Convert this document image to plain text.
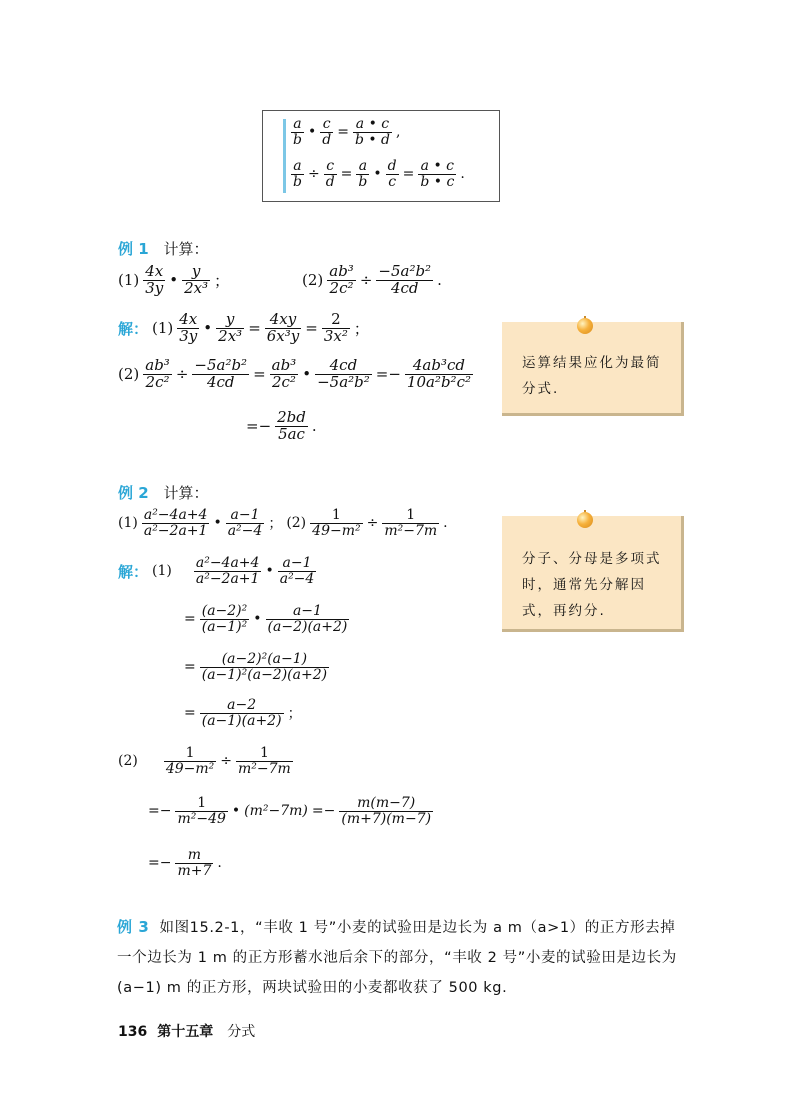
$\frac{a}{b}$ • $\frac{c}{d} = \frac{a • c}{b • d}$ ,
$\frac{a}{b} \div \frac{c}{d} = \frac{a}{b}$ • $\frac{d}{c} = \frac{a • c}{b • c}$ .
例 1 计算：
$(1) \frac{4x}{3y}$ • $\frac{y}{\text{2x³}}$ ；	$(2) \frac{\text{ab³}}{\text{2c²}} \div \frac{\text{−5a²b²}}{4cd}$ .
解： $(1) \frac{4x}{3y}$ • $\frac{y}{\text{2x³}} = \frac{4xy}{\text{6x³y}} = \frac{2}{\text{3x²}}$ ；
$(2) \frac{\text{ab³}}{\text{2c²}} \div \frac{\text{−5a²b²}}{4cd} = \frac{\text{ab³}}{\text{2c²}}$ • $\frac{4cd}{\text{−5a²b²}} =- \frac{\text{4ab³cd}}{\text{10a²b²c²}}$
=− $\frac{2bd}{5ac}$ .
运算结果应化为最简分式.
例 2 计算：
$(1) \frac{\text{a²−4a+4}}{\text{a²−2a+1}}$ • $\frac{a-1}{\text{a²−4}}$ ； $(2) \frac{1}{\text{49−m²}} \div \frac{1}{\text{m²−7m}}$ .
解： $(1) \frac{\text{a²−4a+4}}{\text{a²−2a+1}}$ • $\frac{a-1}{\text{a²−4}}$
= $\frac{\text{(a−2)²}}{\text{(a−1)²}}$ • $\frac{a-1}{(a-2)(a+2)}$
= $\frac{\text{(a−2)²(a−1)}}{\text{(a−1)²(a−2)(a+2)}}$
= $\frac{a-2}{(a-1)(a+2)}$ ；
$(2) \frac{1}{\text{49−m²}} \div \frac{1}{\text{m²−7m}}$
=− $\frac{1}{\text{m²−49}}$ • $(m^2-7m) =- \frac{m(m-7)}{(m+7)(m-7)}$
=− $\frac{m}{m+7}$ .
分子、分母是多项式时，通常先分解因式，再约分.
例 3 如图15.2-1，“丰收 1 号”小麦的试验田是边长为 a m（a>1）的正方形去掉一个边长为 1 m 的正方形蓄水池后余下的部分，“丰收 2 号”小麦的试验田是边长为(a−1) m 的正方形，两块试验田的小麦都收获了 500 kg.
136 第十五章 分式
